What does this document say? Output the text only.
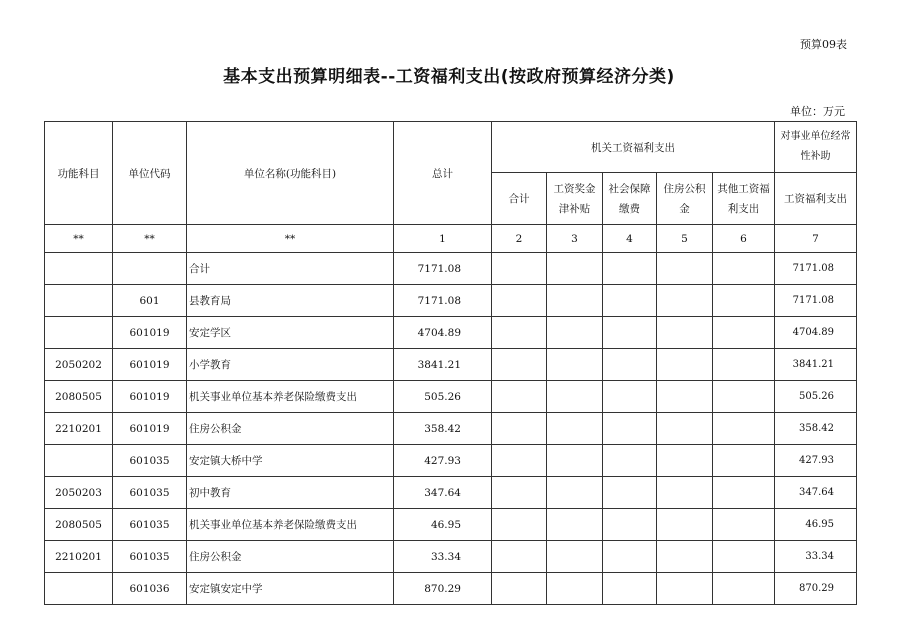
预算09表
基本支出预算明细表--工资福利支出(按政府预算经济分类)
单位：万元
功能科目	单位代码	单位名称(功能科目)	总计	机关工资福利支出					对事业单位经常性补助

				合计	工资奖金津补贴	社会保障缴费	住房公积金	其他工资福利支出	工资福利支出
**	**	**	1	2	3	4	5	6	7
		合计	7171.08						7171.08
	601	县教育局	7171.08						7171.08
	601019	安定学区	4704.89						4704.89
2050202	601019	小学教育	3841.21						3841.21
2080505	601019	机关事业单位基本养老保险缴费支出	505.26						505.26
2210201	601019	住房公积金	358.42						358.42
	601035	安定镇大桥中学	427.93						427.93
2050203	601035	初中教育	347.64						347.64
2080505	601035	机关事业单位基本养老保险缴费支出	46.95						46.95
2210201	601035	住房公积金	33.34						33.34
	601036	安定镇安定中学	870.29						870.29
